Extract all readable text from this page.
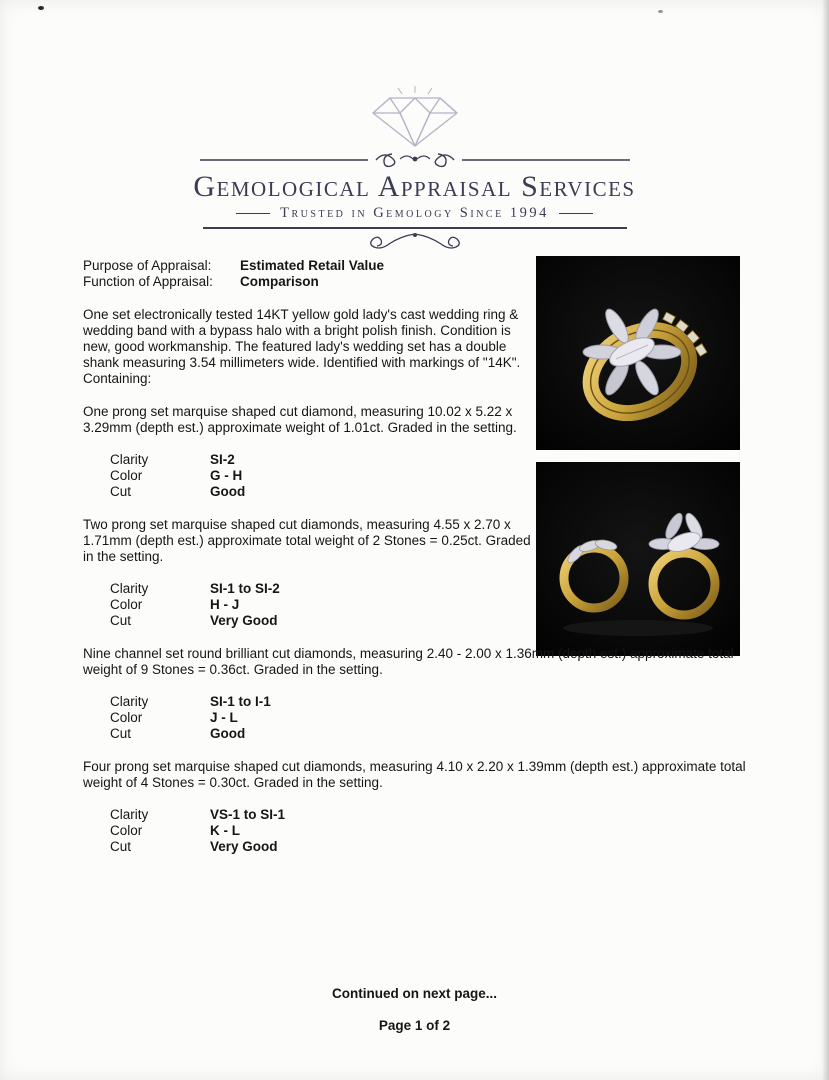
Gemological Appraisal Services
Trusted in Gemology Since 1994
Purpose of Appraisal:	Estimated Retail Value
Function of Appraisal:	Comparison

One set electronically tested 14KT yellow gold lady's cast wedding ring & wedding band with a bypass halo with a bright polish finish. Condition is new, good workmanship. The featured lady's wedding set has a double shank measuring 3.54 millimeters wide. Identified with markings of "14K". Containing:

One prong set marquise shaped cut diamond, measuring 10.02 x 5.22 x 3.29mm (depth est.) approximate weight of 1.01ct. Graded in the setting.

Clarity	SI-2
Color	G - H
Cut	Good

Two prong set marquise shaped cut diamonds, measuring 4.55 x 2.70 x 1.71mm (depth est.) approximate total weight of 2 Stones = 0.25ct. Graded in the setting.

Clarity	SI-1 to SI-2
Color	H - J
Cut	Very Good

Nine channel set round brilliant cut diamonds, measuring 2.40 - 2.00 x 1.36mm (depth est.) approximate total weight of 9 Stones = 0.36ct. Graded in the setting.

Clarity	SI-1 to I-1
Color	J - L
Cut	Good

Four prong set marquise shaped cut diamonds, measuring 4.10 x 2.20 x 1.39mm (depth est.) approximate total weight of 4 Stones = 0.30ct. Graded in the setting.

Clarity	VS-1 to SI-1
Color	K - L
Cut	Very Good
Continued on next page...
Page 1 of 2
